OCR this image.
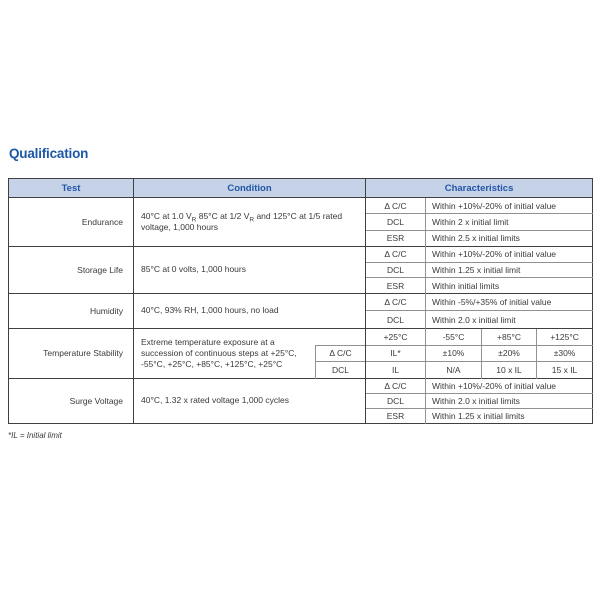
Qualification
Test	Condition		Characteristics			
Endurance	40°C at 1.0 $V_R$ 85°C at 1/2 $V_R$ and 125°C at 1/5 rated voltage, 1,000 hours		Δ C/C	Within +10%/-20% of initial value		
			DCL	Within 2 x initial limit		
			ESR	Within 2.5 x initial limits		
Storage Life	85°C at 0 volts, 1,000 hours		Δ C/C	Within +10%/-20% of initial value		
			DCL	Within 1.25 x initial limit		
			ESR	Within initial limits		
Humidity	40°C, 93% RH, 1,000 hours, no load		Δ C/C	Within -5%/+35% of initial value		
			DCL	Within 2.0 x initial limit		
Temperature Stability	Extreme temperature exposure at a succession of continuous steps at +25°C, -55°C, +25°C, +85°C, +125°C, +25°C		+25°C	-55°C	+85°C	+125°C
		Δ C/C	IL*	±10%	±20%	±30%
		DCL	IL	N/A	10 x IL	15 x IL
Surge Voltage	40°C, 1.32 x rated voltage 1,000 cycles		Δ C/C	Within +10%/-20% of initial value		
			DCL	Within 2.0 x initial limits		
			ESR	Within 1.25 x initial limits		
*IL = Initial limit
